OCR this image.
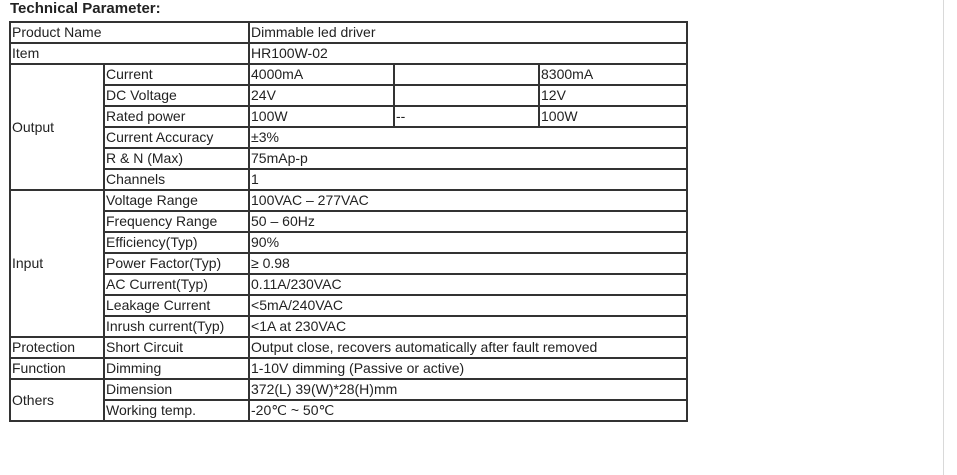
Technical Parameter:
Product Name		Dimmable led driver		
Item		HR100W-02		
Output	Current	4000mA		8300mA
	DC Voltage	24V		12V
	Rated power	100W	--	100W
	Current Accuracy	±3%		
	R & N (Max)	75mAp-p		
	Channels	1		
Input	Voltage Range	100VAC – 277VAC		
	Frequency Range	50 – 60Hz		
	Efficiency(Typ)	90%		
	Power Factor(Typ)	≥ 0.98		
	AC Current(Typ)	0.11A/230VAC		
	Leakage Current	<5mA/240VAC		
	Inrush current(Typ)	<1A at 230VAC		
Protection	Short Circuit	Output close, recovers automatically after fault removed		
Function	Dimming	1-10V dimming (Passive or active)		
Others	Dimension	372(L) 39(W)*28(H)mm		
	Working temp.	-20℃ ~ 50℃		
